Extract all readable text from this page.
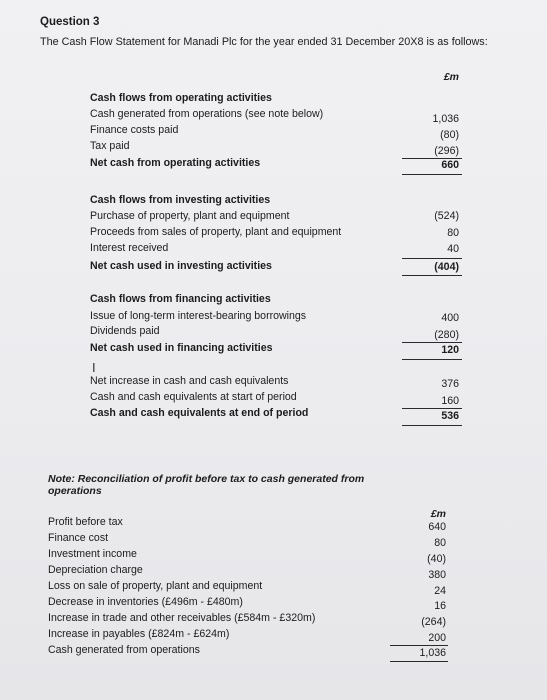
Question 3
The Cash Flow Statement for Manadi Plc for the year ended 31 December 20X8 is as follows:
£m
Cash flows from operating activities
Cash generated from operations (see note below)	1,036
Finance costs paid	(80)
Tax paid	(296)
Net cash from operating activities	660
Cash flows from investing activities
Purchase of property, plant and equipment	(524)
Proceeds from sales of property, plant and equipment	80
Interest received	40
Net cash used in investing activities	(404)
Cash flows from financing activities
Issue of long-term interest-bearing borrowings	400
Dividends paid	(280)
Net cash used in financing activities	120
I
Net increase in cash and cash equivalents	376
Cash and cash equivalents at start of period	160
Cash and cash equivalents at end of period	536
Note: Reconciliation of profit before tax to cash generated from operations
£m
Profit before tax	640
Finance cost	80
Investment income	(40)
Depreciation charge	380
Loss on sale of property, plant and equipment	24
Decrease in inventories (£496m - £480m)	16
Increase in trade and other receivables (£584m - £320m)	(264)
Increase in payables (£824m - £624m)	200
Cash generated from operations	1,036
